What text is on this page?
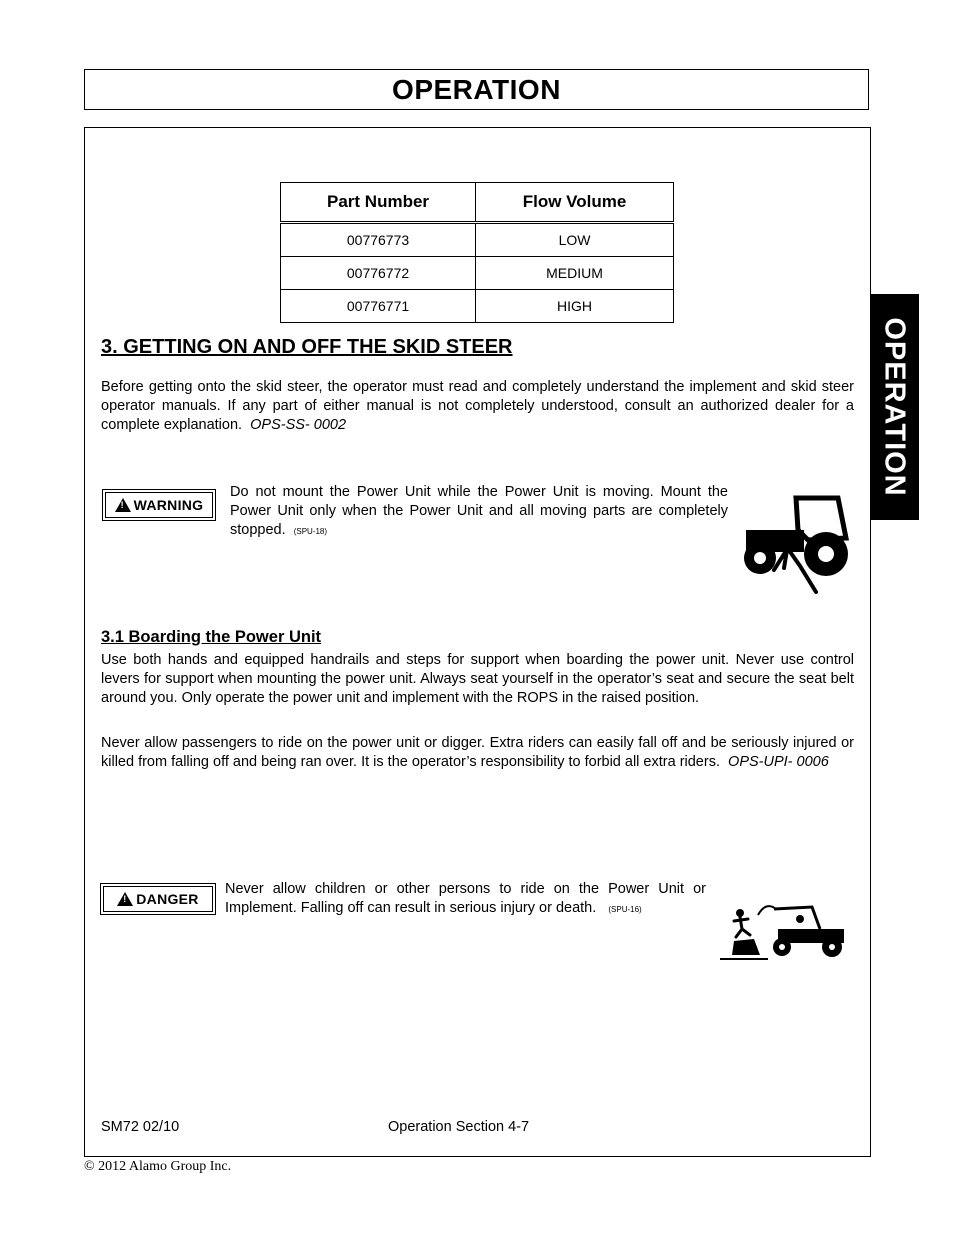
OPERATION
OPERATION
Part Number	Flow Volume
00776773	LOW
00776772	MEDIUM
00776771	HIGH
3. GETTING ON AND OFF THE SKID STEER

Before getting onto the skid steer, the operator must read and completely understand the implement and skid steer operator manuals. If any part of either manual is not completely understood, consult an authorized dealer for a complete explanation. OPS-SS- 0002

! WARNING

Do not mount the Power Unit while the Power Unit is moving. Mount the Power Unit only when the Power Unit and all moving parts are completely stopped. (SPU-18)

3.1 Boarding the Power Unit

Use both hands and equipped handrails and steps for support when boarding the power unit. Never use control levers for support when mounting the power unit. Always seat yourself in the operator’s seat and secure the seat belt around you. Only operate the power unit and implement with the ROPS in the raised position.

Never allow passengers to ride on the power unit or digger. Extra riders can easily fall off and be seriously injured or killed from falling off and being ran over. It is the operator’s responsibility to forbid all extra riders. OPS-UPI- 0006

! DANGER

Never allow children or other persons to ride on the Power Unit or Implement. Falling off can result in serious injury or death. (SPU-16)

SM72 02/10	Operation Section 4-7
© 2012 Alamo Group Inc.
